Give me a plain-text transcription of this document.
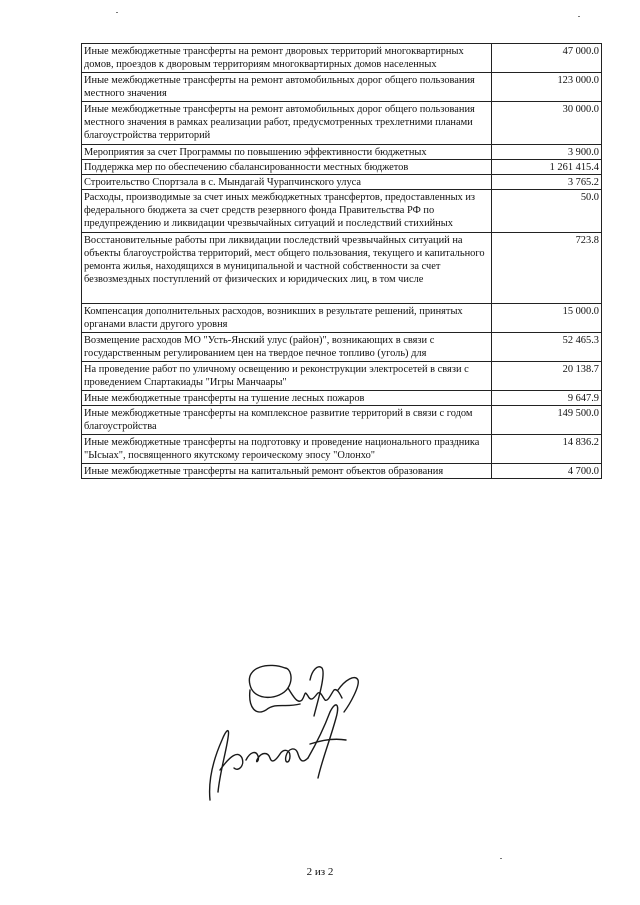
Иные межбюджетные трансферты на ремонт дворовых территорий многоквартирных домов, проездов к дворовым территориям многоквартирных домов населенных	47 000.0

Иные межбюджетные трансферты на ремонт автомобильных дорог общего пользования местного значения	123 000.0

Иные межбюджетные трансферты на ремонт автомобильных дорог общего пользования местного значения в рамках реализации работ, предусмотренных трехлетними планами благоустройства территорий	30 000.0

Мероприятия за счет Программы по повышению эффективности бюджетных	3 900.0

Поддержка мер по обеспечению сбалансированности местных бюджетов	1 261 415.4

Строительство Спортзала в с. Мындагай Чурапчинского улуса	3 765.2

Расходы, производимые за счет иных межбюджетных трансфертов, предоставленных из федерального бюджета за счет средств резервного фонда Правительства РФ по предупреждению и ликвидации чрезвычайных ситуаций и последствий стихийных	50.0

Восстановительные работы при ликвидации последствий чрезвычайных ситуаций на объекты благоустройства территорий, мест общего пользования, текущего и капитального ремонта жилья, находящихся в муниципальной и частной собственности за счет безвозмездных поступлений от физических и юридических лиц, в том числе	723.8

Компенсация дополнительных расходов, возникших в результате решений, принятых органами власти другого уровня	15 000.0

Возмещение расходов МО "Усть-Янский улус (район)", возникающих в связи с государственным регулированием цен на твердое печное топливо (уголь) для	52 465.3

На проведение работ по уличному освещению и реконструкции электросетей в связи с проведением Спартакиады "Игры Манчаары"	20 138.7

Иные межбюджетные трансферты на тушение лесных пожаров	9 647.9

Иные межбюджетные трансферты на комплексное развитие территорий в связи с годом благоустройства	149 500.0

Иные межбюджетные трансферты на подготовку и проведение национального праздника "Ысыах", посвященного якутскому героическому эпосу "Олонхо"	14 836.2

Иные межбюджетные трансферты на капитальный ремонт объектов образования	4 700.0
2 из 2
